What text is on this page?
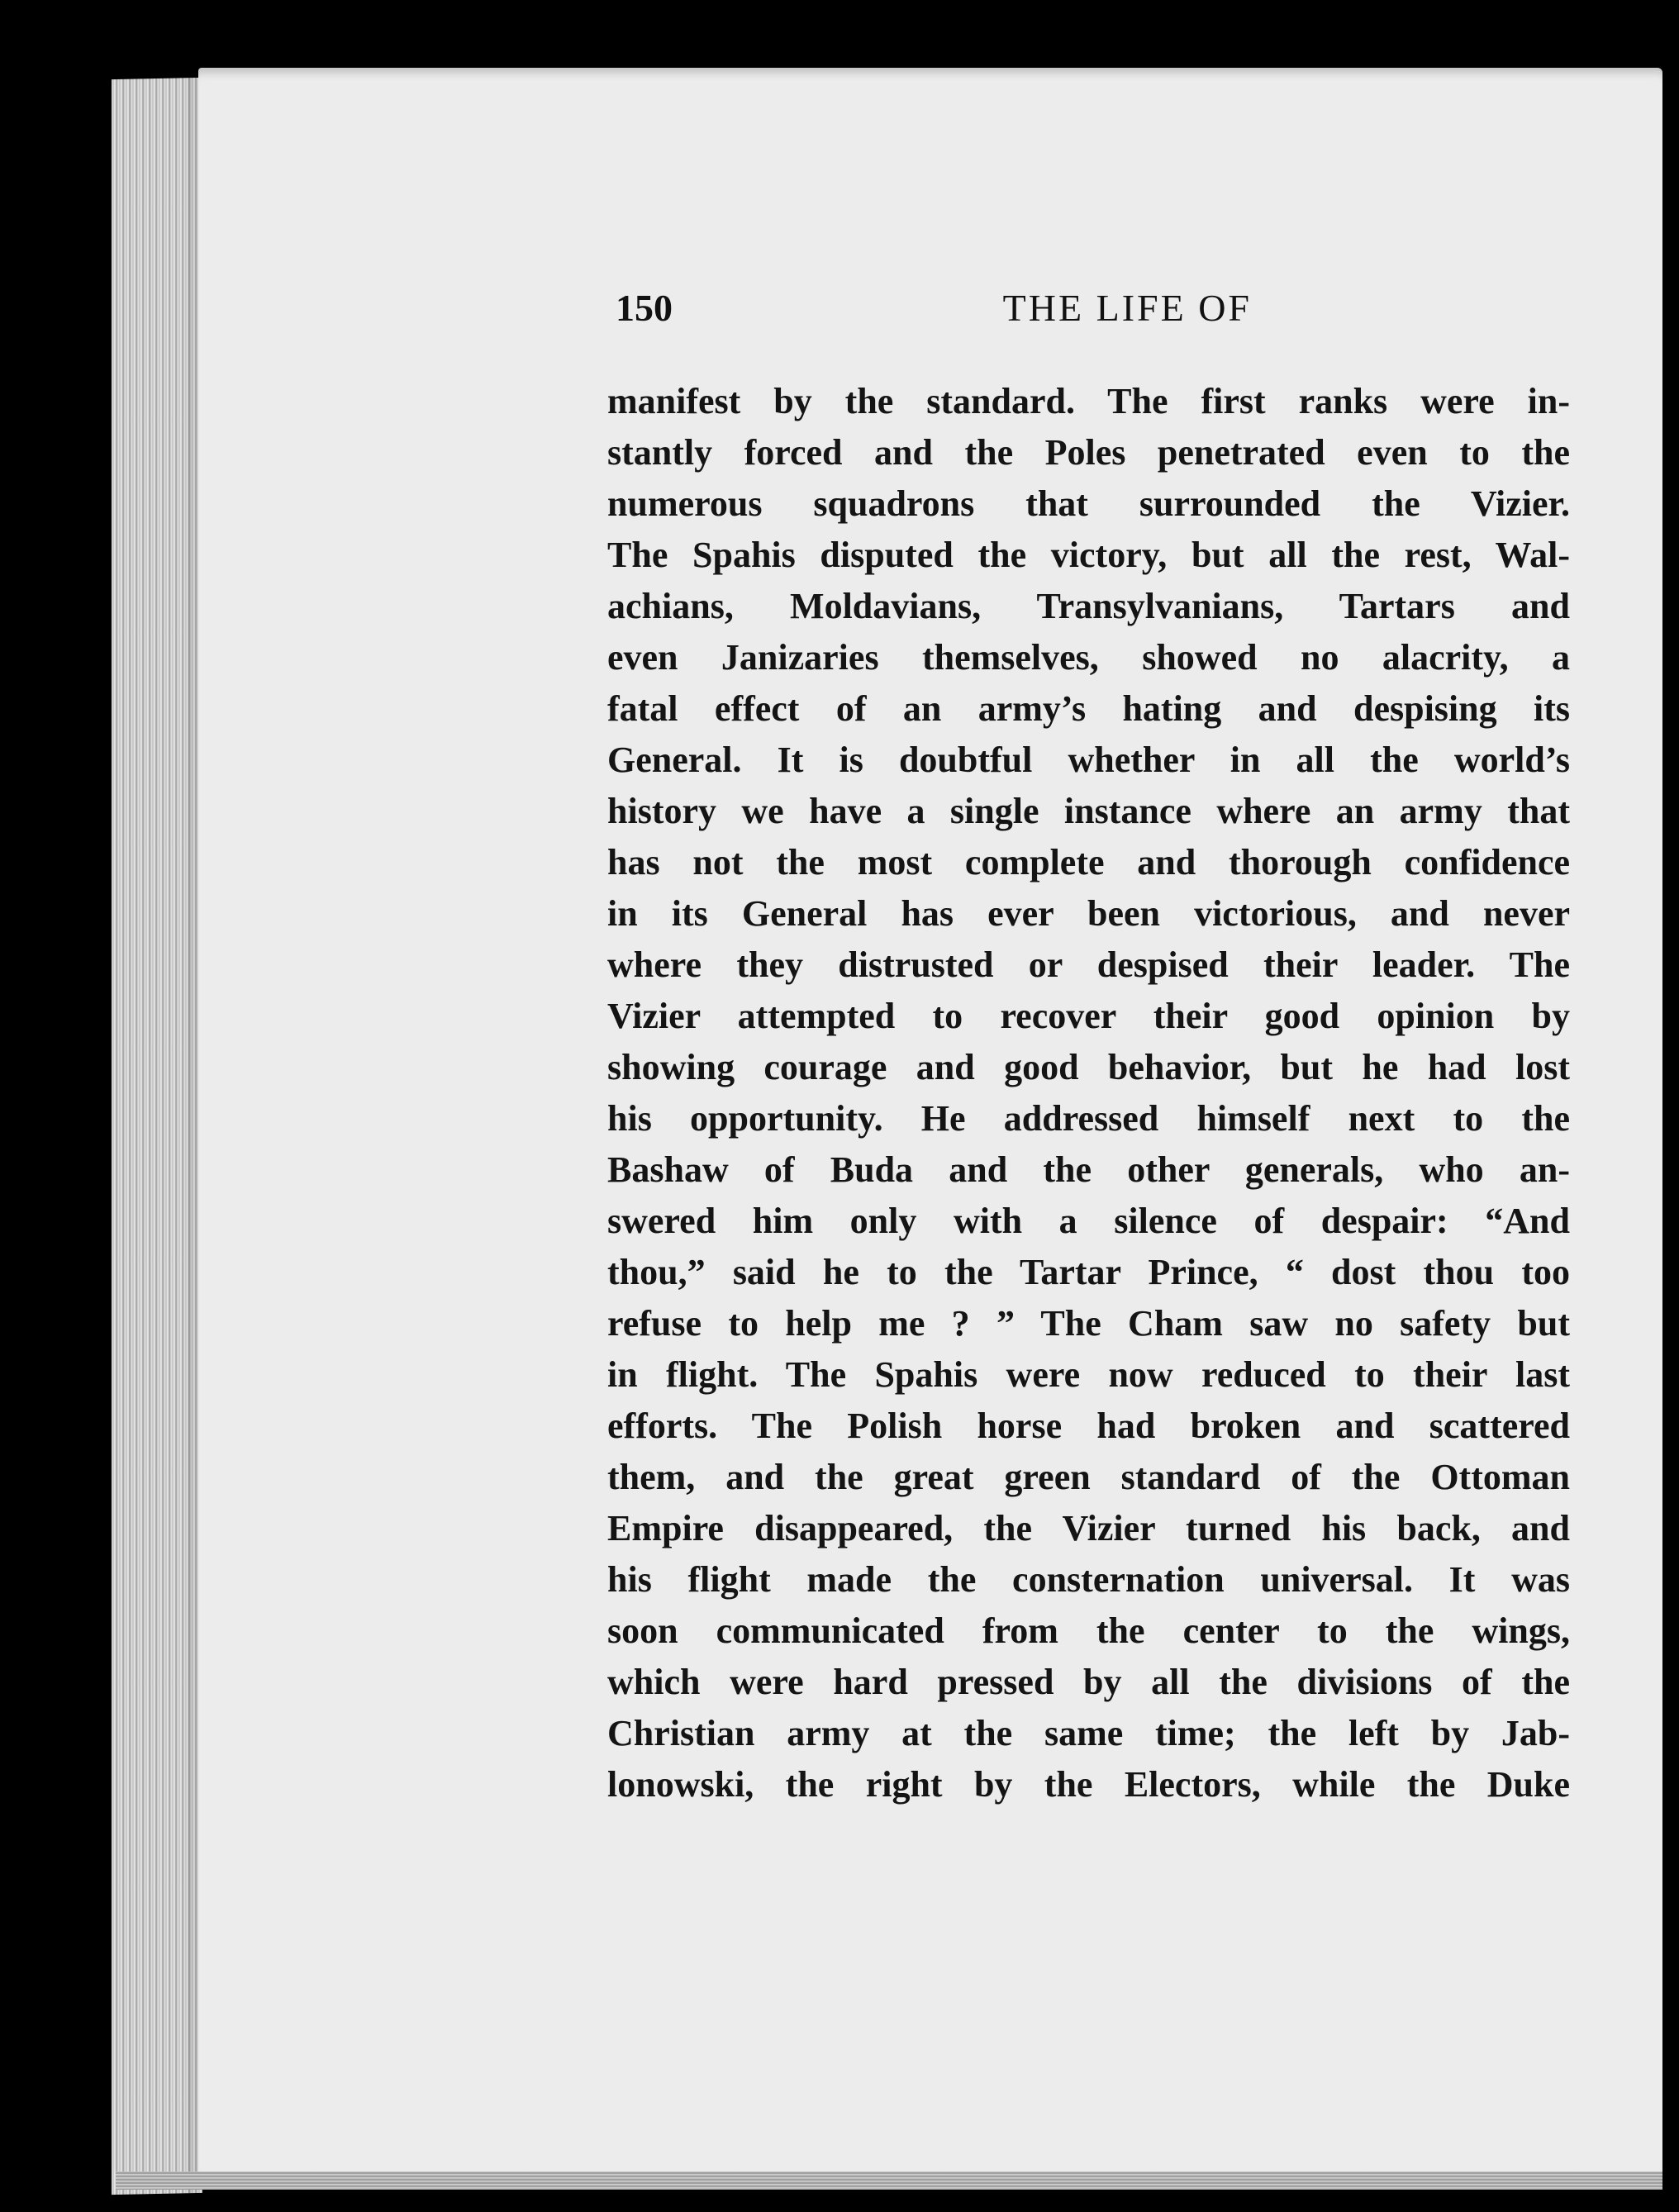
150	THE LIFE OF
manifest by the standard. The first ranks were in-
stantly forced and the Poles penetrated even to the
numerous squadrons that surrounded the Vizier.
The Spahis disputed the victory, but all the rest, Wal-
achians, Moldavians, Transylvanians, Tartars and
even Janizaries themselves, showed no alacrity, a
fatal effect of an army’s hating and despising its
General. It is doubtful whether in all the world’s
history we have a single instance where an army that
has not the most complete and thorough confidence
in its General has ever been victorious, and never
where they distrusted or despised their leader. The
Vizier attempted to recover their good opinion by
showing courage and good behavior, but he had lost
his opportunity. He addressed himself next to the
Bashaw of Buda and the other generals, who an-
swered him only with a silence of despair: “And
thou,” said he to the Tartar Prince, “ dost thou too
refuse to help me ? ” The Cham saw no safety but
in flight. The Spahis were now reduced to their last
efforts. The Polish horse had broken and scattered
them, and the great green standard of the Ottoman
Empire disappeared, the Vizier turned his back, and
his flight made the consternation universal. It was
soon communicated from the center to the wings,
which were hard pressed by all the divisions of the
Christian army at the same time; the left by Jab-
lonowski, the right by the Electors, while the Duke
